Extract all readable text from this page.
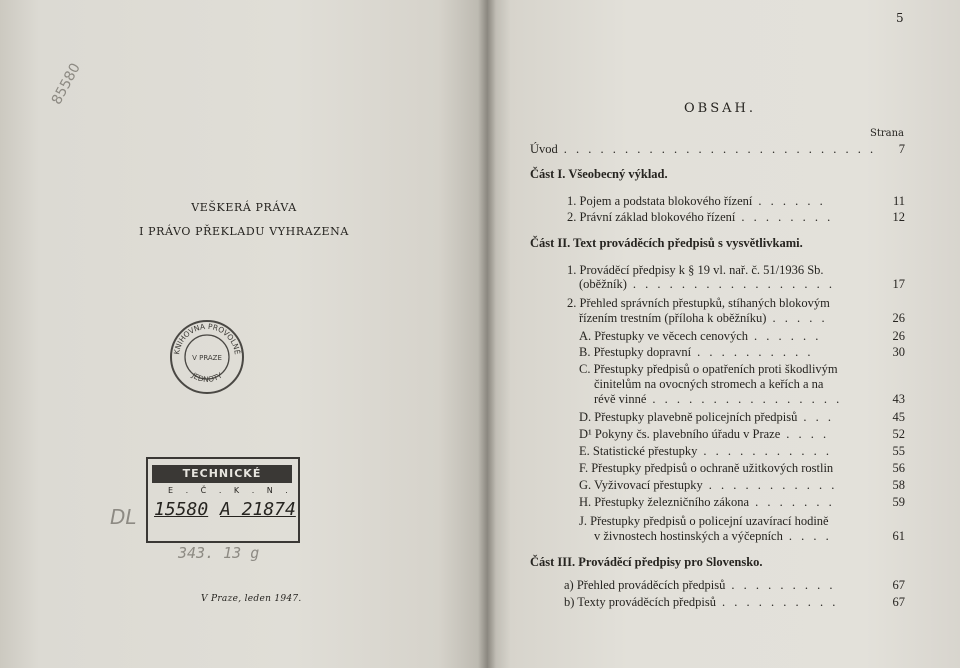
85580
VEŠKERÁ PRÁVA
I PRÁVO PŘEKLADU VYHRAZENA
KNIHOVNA PROVOLNĚ
V PRAZE
JEDNOTY
TECHNICKÉ
E . Č . K . N .
15580 A 21874
DL
343. 13 g
V Praze, leden 1947.
5
OBSAH.
Strana
Úvod . . . . . . . . . . . . . . . . . . . . . . . . . .	7
Část I. Všeobecný výklad.
1. Pojem a podstata blokového řízení . . . . . .	11
2. Právní základ blokového řízení . . . . . . . .	12
Část II. Text prováděcích předpisů s vysvětlivkami.
1. Prováděcí předpisy k § 19 vl. nař. č. 51/1936 Sb.
(oběžník) . . . . . . . . . . . . . . . . .	17
2. Přehled správních přestupků, stíhaných blokovým
řízením trestním (příloha k oběžníku) . . . . .	26
A. Přestupky ve věcech cenových . . . . . .	26
B. Přestupky dopravní . . . . . . . . . .	30
C. Přestupky předpisů o opatřeních proti škodlivým
činitelům na ovocných stromech a keřích a na
révě vinné . . . . . . . . . . . . . . . .	43
D. Přestupky plavebně policejních předpisů . . .	45
D¹ Pokyny čs. plavebního úřadu v Praze . . . .	52
E. Statistické přestupky . . . . . . . . . . .	55
F. Přestupky předpisů o ochraně užitkových rostlin	56
G. Vyživovací přestupky . . . . . . . . . . .	58
H. Přestupky železničního zákona . . . . . . .	59
J. Přestupky předpisů o policejní uzavírací hodině
v živnostech hostinských a výčepních . . . .	61
Část III. Prováděcí předpisy pro Slovensko.
a) Přehled prováděcích předpisů . . . . . . . . .	67
b) Texty prováděcích předpisů . . . . . . . . . .	67
